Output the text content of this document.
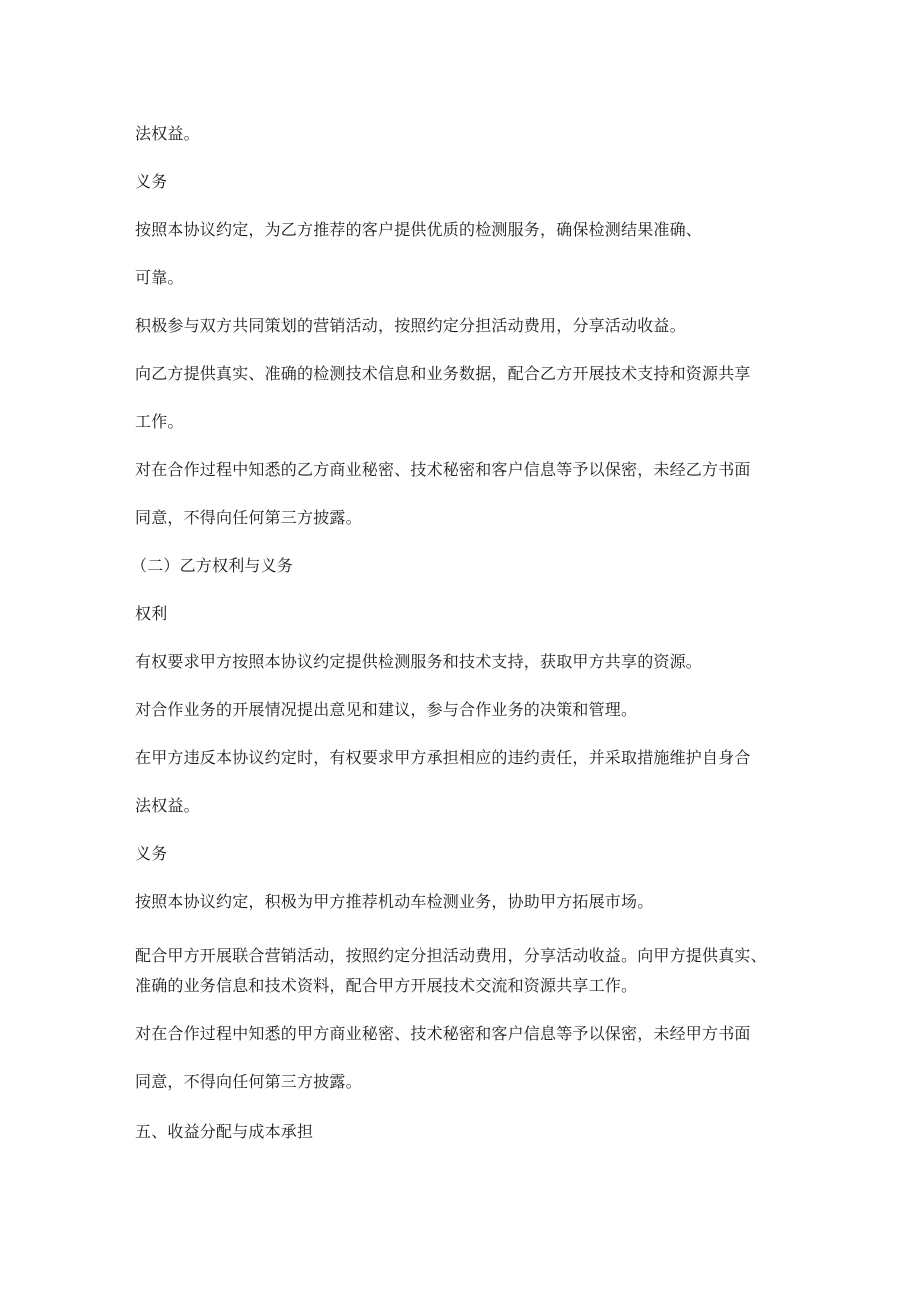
法权益。

义务

按照本协议约定，为乙方推荐的客户提供优质的检测服务，确保检测结果准确、

可靠。

积极参与双方共同策划的营销活动，按照约定分担活动费用，分享活动收益。

向乙方提供真实、准确的检测技术信息和业务数据，配合乙方开展技术支持和资源共享

工作。

对在合作过程中知悉的乙方商业秘密、技术秘密和客户信息等予以保密，未经乙方书面

同意，不得向任何第三方披露。

（二）乙方权利与义务

权利

有权要求甲方按照本协议约定提供检测服务和技术支持，获取甲方共享的资源。

对合作业务的开展情况提出意见和建议，参与合作业务的决策和管理。

在甲方违反本协议约定时，有权要求甲方承担相应的违约责任，并采取措施维护自身合

法权益。

义务

按照本协议约定，积极为甲方推荐机动车检测业务，协助甲方拓展市场。

配合甲方开展联合营销活动，按照约定分担活动费用，分享活动收益。向甲方提供真实、准确的业务信息和技术资料，配合甲方开展技术交流和资源共享工作。

对在合作过程中知悉的甲方商业秘密、技术秘密和客户信息等予以保密，未经甲方书面

同意，不得向任何第三方披露。

五、收益分配与成本承担
